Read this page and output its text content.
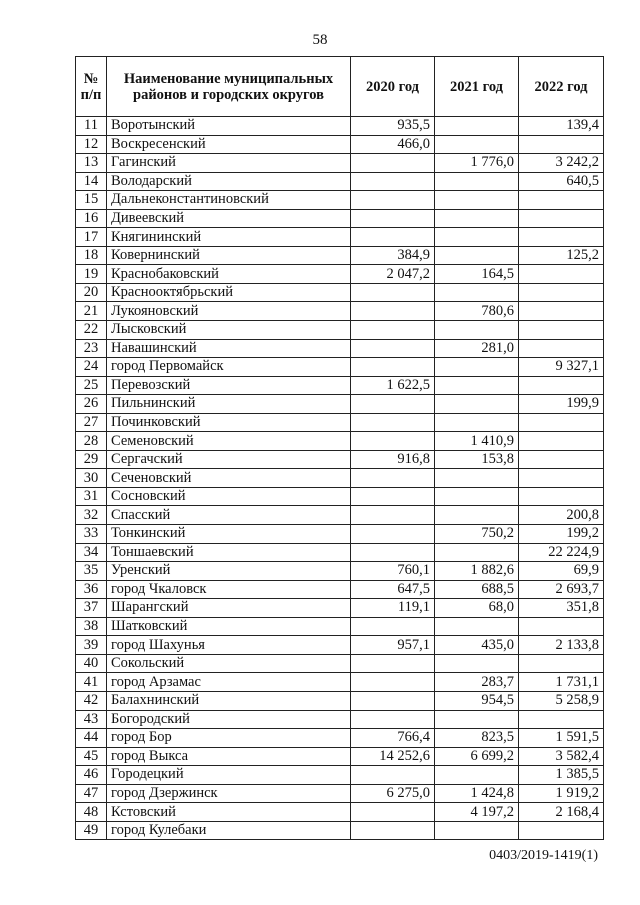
58
№ п/п	Наименование муниципальных районов и городских округов	2020 год	2021 год	2022 год
11	Воротынский	935,5		139,4
12	Воскресенский	466,0		
13	Гагинский		1 776,0	3 242,2
14	Володарский			640,5
15	Дальнеконстантиновский			
16	Дивеевский			
17	Княгининский			
18	Ковернинский	384,9		125,2
19	Краснобаковский	2 047,2	164,5	
20	Краснооктябрьский			
21	Лукояновский		780,6	
22	Лысковский			
23	Навашинский		281,0	
24	город Первомайск			9 327,1
25	Перевозский	1 622,5		
26	Пильнинский			199,9
27	Починковский			
28	Семеновский		1 410,9	
29	Сергачский	916,8	153,8	
30	Сеченовский			
31	Сосновский			
32	Спасский			200,8
33	Тонкинский		750,2	199,2
34	Тоншаевский			22 224,9
35	Уренский	760,1	1 882,6	69,9
36	город Чкаловск	647,5	688,5	2 693,7
37	Шарангский	119,1	68,0	351,8
38	Шатковский			
39	город Шахунья	957,1	435,0	2 133,8
40	Сокольский			
41	город Арзамас		283,7	1 731,1
42	Балахнинский		954,5	5 258,9
43	Богородский			
44	город Бор	766,4	823,5	1 591,5
45	город Выкса	14 252,6	6 699,2	3 582,4
46	Городецкий			1 385,5
47	город Дзержинск	6 275,0	1 424,8	1 919,2
48	Кстовский		4 197,2	2 168,4
49	город Кулебаки			
0403/2019-1419(1)
